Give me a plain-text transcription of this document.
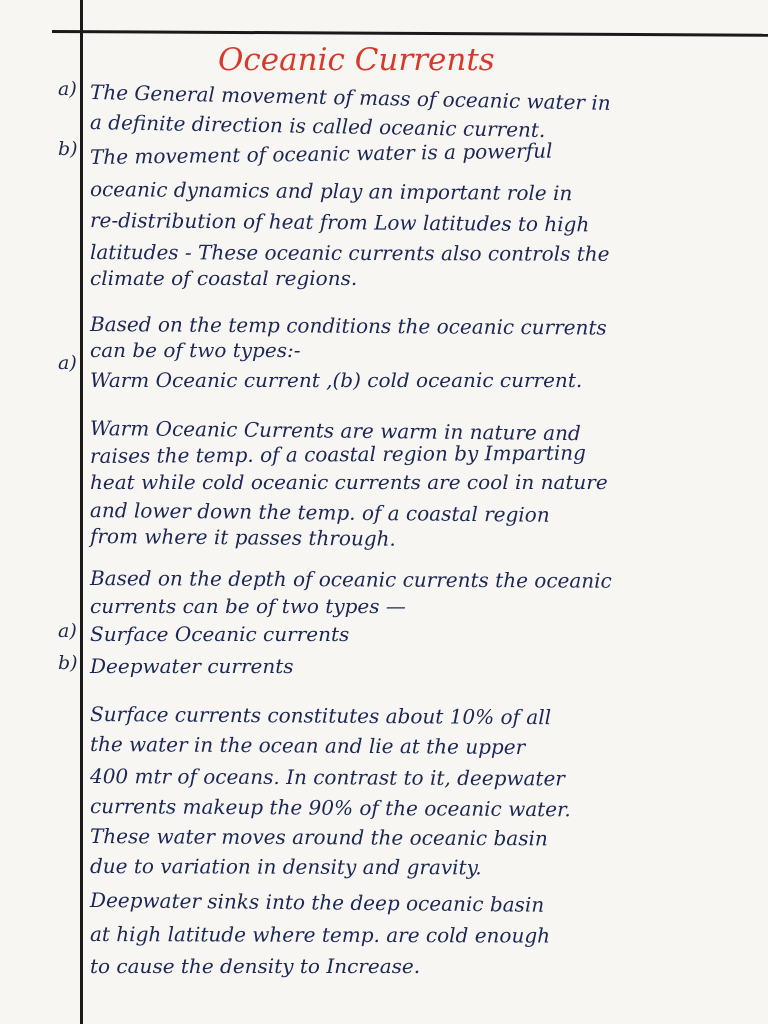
Oceanic Currents
a)
b)
a)
a)
b)
The General movement of mass of oceanic water in
a definite direction is called oceanic current.
The movement of oceanic water is a powerful
oceanic dynamics and play an important role in
re-distribution of heat from Low latitudes to high
latitudes - These oceanic currents also controls the
climate of coastal regions.
Based on the temp conditions the oceanic currents
can be of two types:-
Warm Oceanic current ,(b) cold oceanic current.
Warm Oceanic Currents are warm in nature and
raises the temp. of a coastal region by Imparting
heat while cold oceanic currents are cool in nature
and lower down the temp. of a coastal region
from where it passes through.
Based on the depth of oceanic currents the oceanic
currents can be of two types —
Surface Oceanic currents
Deepwater currents
Surface currents constitutes about 10% of all
the water in the ocean and lie at the upper
400 mtr of oceans. In contrast to it, deepwater
currents makeup the 90% of the oceanic water.
These water moves around the oceanic basin
due to variation in density and gravity.
Deepwater sinks into the deep oceanic basin
at high latitude where temp. are cold enough
to cause the density to Increase.
